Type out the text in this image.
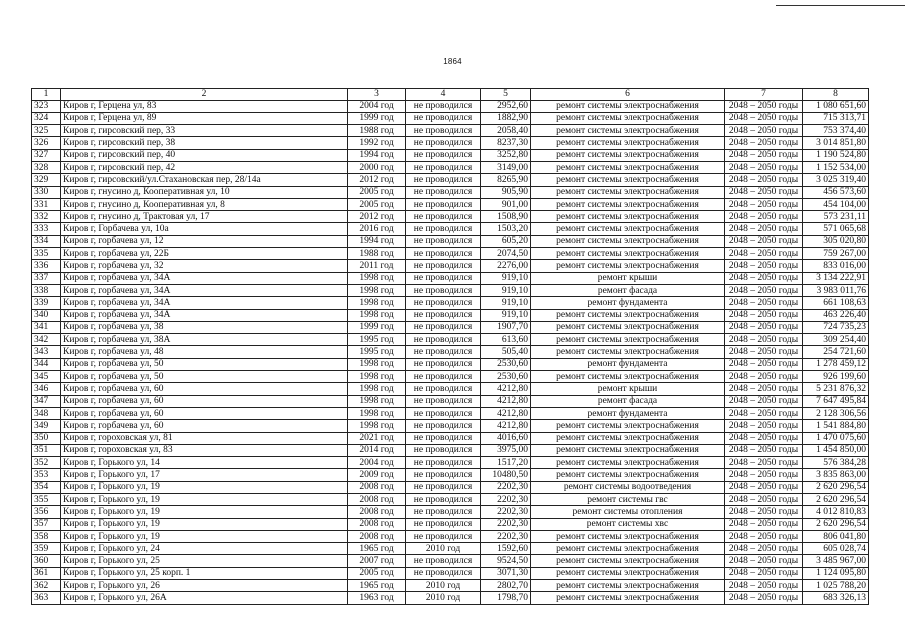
1864
1	2	3	4	5	6	7	8
323	Киров г, Герцена ул, 83	2004 год	не проводился	2952,60	ремонт системы электроснабжения	2048 – 2050 годы	1 080 651,60
324	Киров г, Герцена ул, 89	1999 год	не проводился	1882,90	ремонт системы электроснабжения	2048 – 2050 годы	715 313,71
325	Киров г, гирсовский пер, 33	1988 год	не проводился	2058,40	ремонт системы электроснабжения	2048 – 2050 годы	753 374,40
326	Киров г, гирсовский пер, 38	1992 год	не проводился	8237,30	ремонт системы электроснабжения	2048 – 2050 годы	3 014 851,80
327	Киров г, гирсовский пер, 40	1994 год	не проводился	3252,80	ремонт системы электроснабжения	2048 – 2050 годы	1 190 524,80
328	Киров г, гирсовский пер, 42	2000 год	не проводился	3149,00	ремонт системы электроснабжения	2048 – 2050 годы	1 152 534,00
329	Киров г, гирсовский/ул.Стахановская пер, 28/14а	2012 год	не проводился	8265,90	ремонт системы электроснабжения	2048 – 2050 годы	3 025 319,40
330	Киров г, гнусино д, Кооперативная ул, 10	2005 год	не проводился	905,90	ремонт системы электроснабжения	2048 – 2050 годы	456 573,60
331	Киров г, гнусино д, Кооперативная ул, 8	2005 год	не проводился	901,00	ремонт системы электроснабжения	2048 – 2050 годы	454 104,00
332	Киров г, гнусино д, Трактовая ул, 17	2012 год	не проводился	1508,90	ремонт системы электроснабжения	2048 – 2050 годы	573 231,11
333	Киров г, Горбачева ул, 10а	2016 год	не проводился	1503,20	ремонт системы электроснабжения	2048 – 2050 годы	571 065,68
334	Киров г, горбачева ул, 12	1994 год	не проводился	605,20	ремонт системы электроснабжения	2048 – 2050 годы	305 020,80
335	Киров г, горбачева ул, 22Б	1988 год	не проводился	2074,50	ремонт системы электроснабжения	2048 – 2050 годы	759 267,00
336	Киров г, горбачева ул, 32	2011 год	не проводился	2276,00	ремонт системы электроснабжения	2048 – 2050 годы	833 016,00
337	Киров г, горбачева ул, 34А	1998 год	не проводился	919,10	ремонт крыши	2048 – 2050 годы	3 134 222,91
338	Киров г, горбачева ул, 34А	1998 год	не проводился	919,10	ремонт фасада	2048 – 2050 годы	3 983 011,76
339	Киров г, горбачева ул, 34А	1998 год	не проводился	919,10	ремонт фундамента	2048 – 2050 годы	661 108,63
340	Киров г, горбачева ул, 34А	1998 год	не проводился	919,10	ремонт системы электроснабжения	2048 – 2050 годы	463 226,40
341	Киров г, горбачева ул, 38	1999 год	не проводился	1907,70	ремонт системы электроснабжения	2048 – 2050 годы	724 735,23
342	Киров г, горбачева ул, 38А	1995 год	не проводился	613,60	ремонт системы электроснабжения	2048 – 2050 годы	309 254,40
343	Киров г, горбачева ул, 48	1995 год	не проводился	505,40	ремонт системы электроснабжения	2048 – 2050 годы	254 721,60
344	Киров г, горбачева ул, 50	1998 год	не проводился	2530,60	ремонт фундамента	2048 – 2050 годы	1 278 459,12
345	Киров г, горбачева ул, 50	1998 год	не проводился	2530,60	ремонт системы электроснабжения	2048 – 2050 годы	926 199,60
346	Киров г, горбачева ул, 60	1998 год	не проводился	4212,80	ремонт крыши	2048 – 2050 годы	5 231 876,32
347	Киров г, горбачева ул, 60	1998 год	не проводился	4212,80	ремонт фасада	2048 – 2050 годы	7 647 495,84
348	Киров г, горбачева ул, 60	1998 год	не проводился	4212,80	ремонт фундамента	2048 – 2050 годы	2 128 306,56
349	Киров г, горбачева ул, 60	1998 год	не проводился	4212,80	ремонт системы электроснабжения	2048 – 2050 годы	1 541 884,80
350	Киров г, гороховская ул, 81	2021 год	не проводился	4016,60	ремонт системы электроснабжения	2048 – 2050 годы	1 470 075,60
351	Киров г, гороховская ул, 83	2014 год	не проводился	3975,00	ремонт системы электроснабжения	2048 – 2050 годы	1 454 850,00
352	Киров г, Горького ул, 14	2004 год	не проводился	1517,20	ремонт системы электроснабжения	2048 – 2050 годы	576 384,28
353	Киров г, Горького ул, 17	2009 год	не проводился	10480,50	ремонт системы электроснабжения	2048 – 2050 годы	3 835 863,00
354	Киров г, Горького ул, 19	2008 год	не проводился	2202,30	ремонт системы водоотведения	2048 – 2050 годы	2 620 296,54
355	Киров г, Горького ул, 19	2008 год	не проводился	2202,30	ремонт системы гвс	2048 – 2050 годы	2 620 296,54
356	Киров г, Горького ул, 19	2008 год	не проводился	2202,30	ремонт системы отопления	2048 – 2050 годы	4 012 810,83
357	Киров г, Горького ул, 19	2008 год	не проводился	2202,30	ремонт системы хвс	2048 – 2050 годы	2 620 296,54
358	Киров г, Горького ул, 19	2008 год	не проводился	2202,30	ремонт системы электроснабжения	2048 – 2050 годы	806 041,80
359	Киров г, Горького ул, 24	1965 год	2010 год	1592,60	ремонт системы электроснабжения	2048 – 2050 годы	605 028,74
360	Киров г, Горького ул, 25	2007 год	не проводился	9524,50	ремонт системы электроснабжения	2048 – 2050 годы	3 485 967,00
361	Киров г, Горького ул, 25 корп. 1	2005 год	не проводился	3071,30	ремонт системы электроснабжения	2048 – 2050 годы	1 124 095,80
362	Киров г, Горького ул, 26	1965 год	2010 год	2802,70	ремонт системы электроснабжения	2048 – 2050 годы	1 025 788,20
363	Киров г, Горького ул, 26А	1963 год	2010 год	1798,70	ремонт системы электроснабжения	2048 – 2050 годы	683 326,13
